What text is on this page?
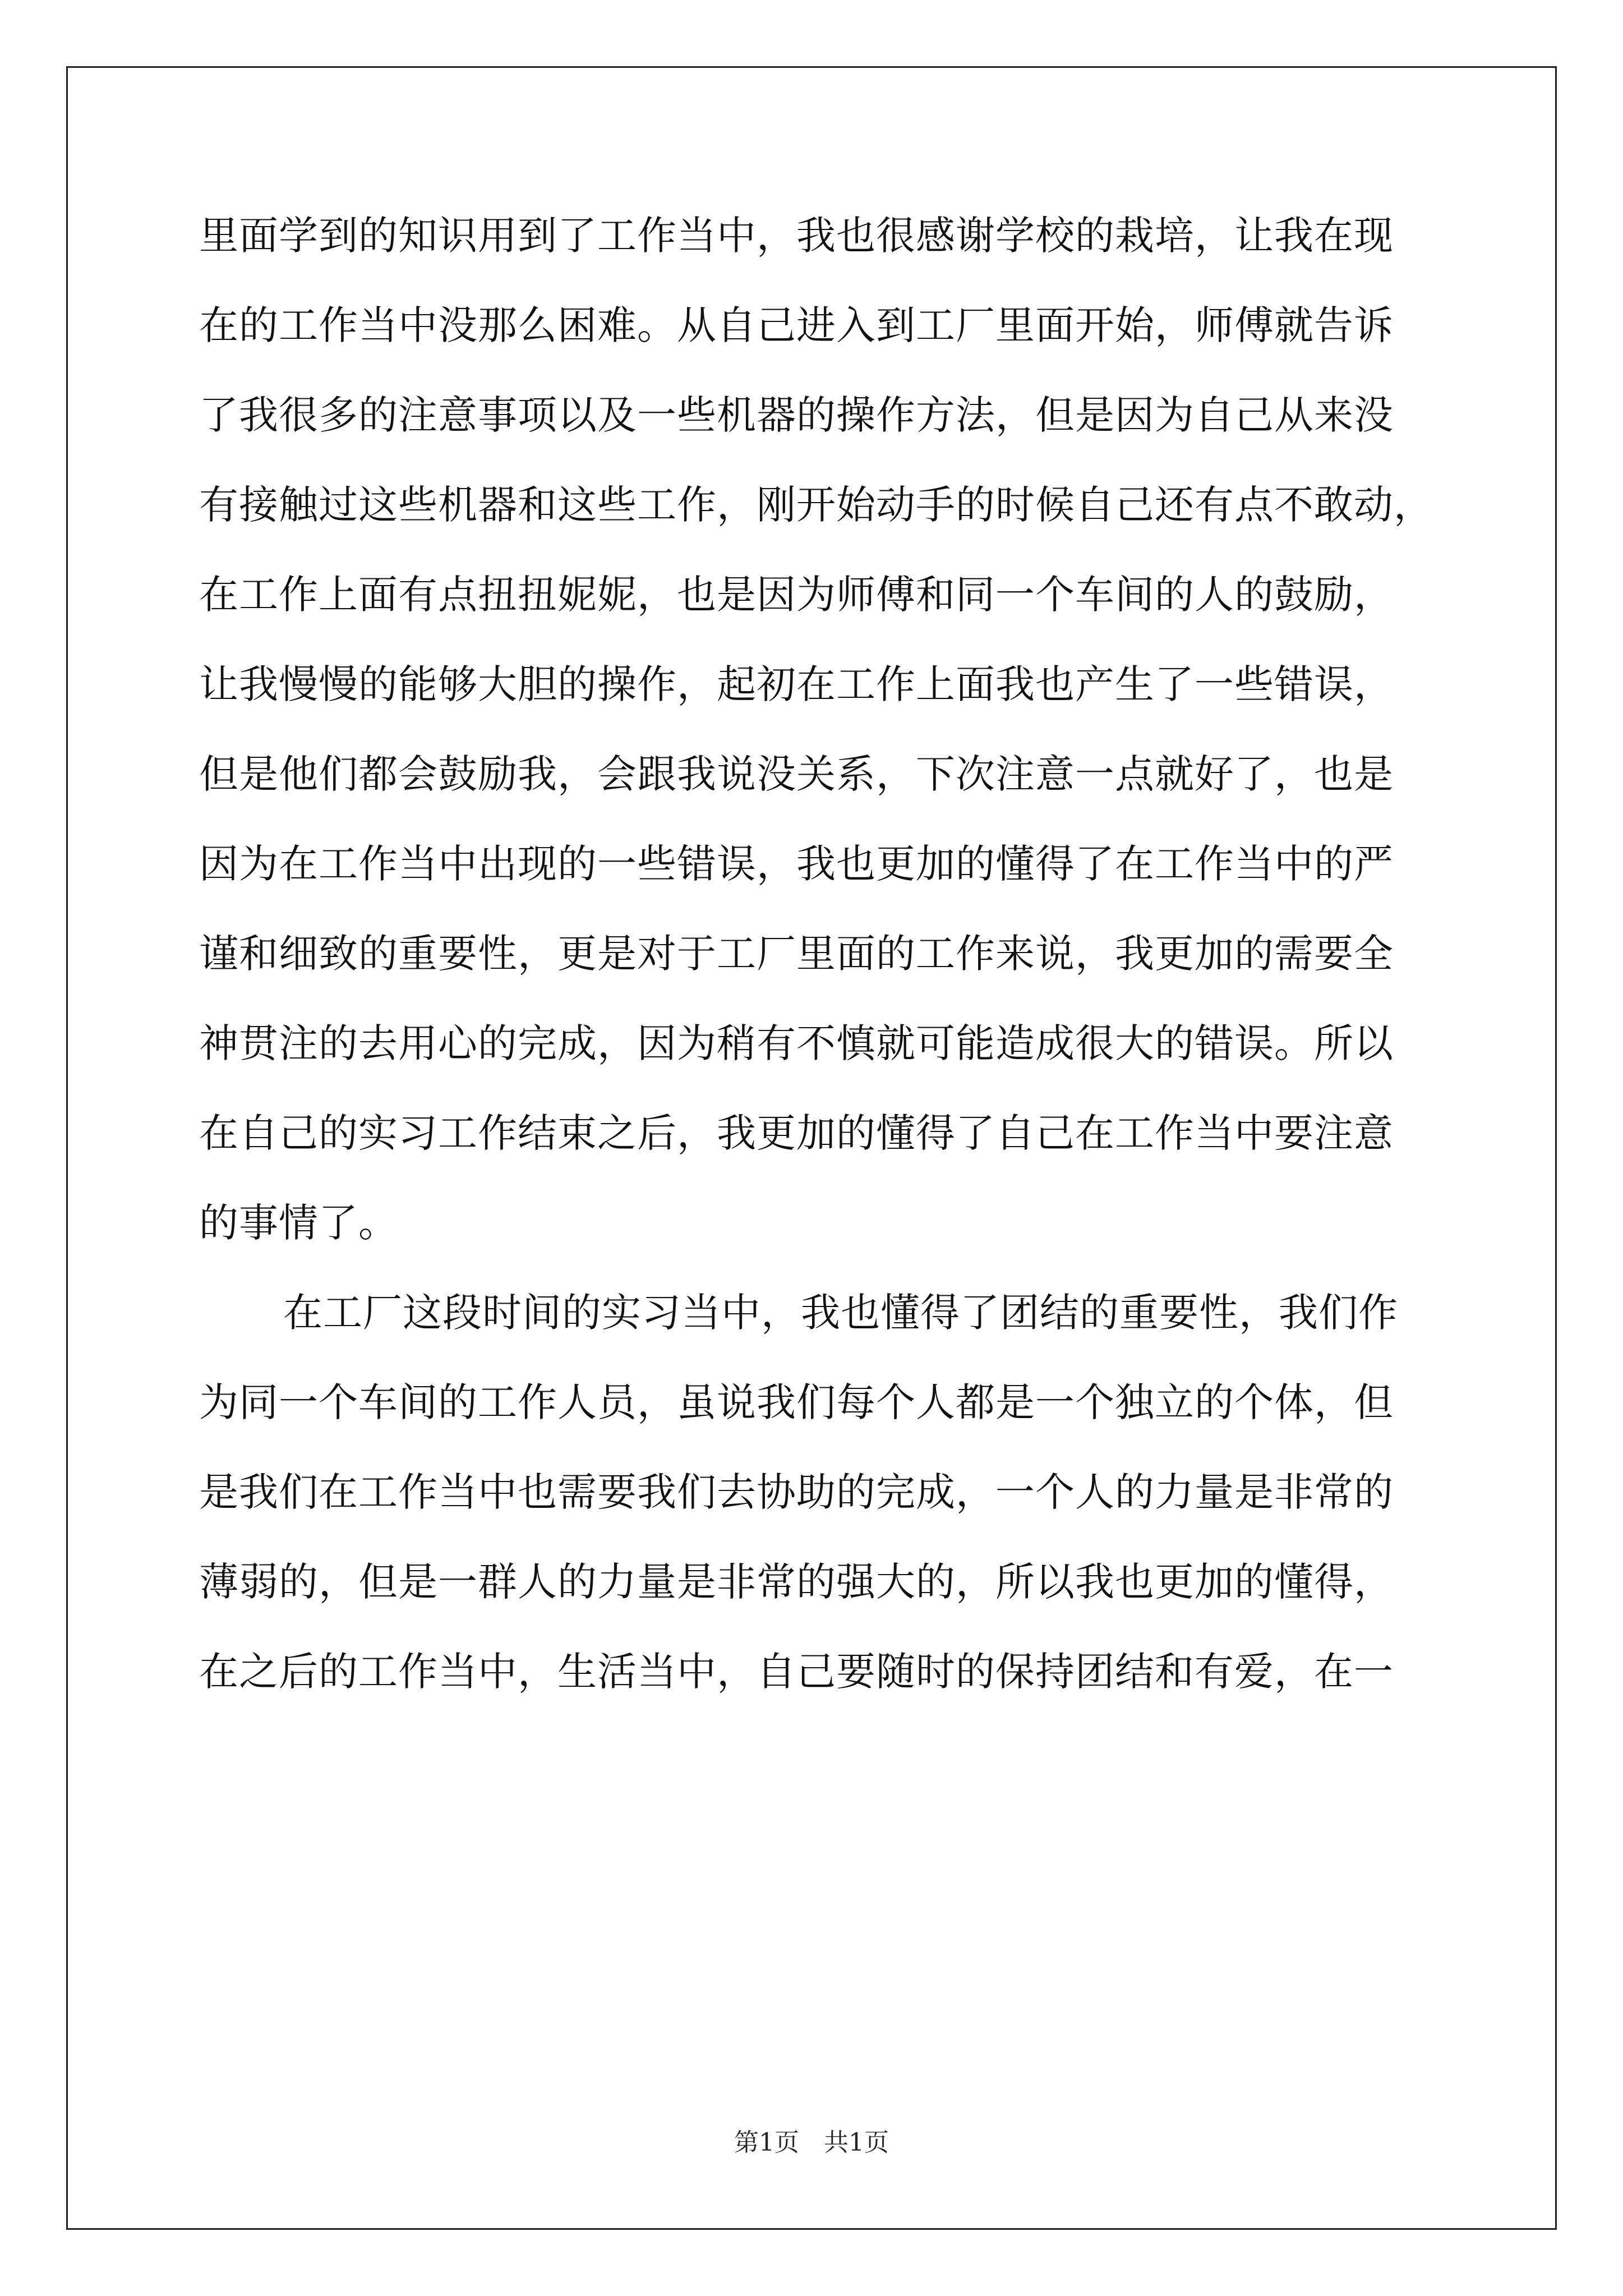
里面学到的知识用到了工作当中，我也很感谢学校的栽培，让我在现
在的工作当中没那么困难。从自己进入到工厂里面开始，师傅就告诉
了我很多的注意事项以及一些机器的操作方法，但是因为自己从来没
有接触过这些机器和这些工作，刚开始动手的时候自己还有点不敢动，
在工作上面有点扭扭妮妮，也是因为师傅和同一个车间的人的鼓励，
让我慢慢的能够大胆的操作，起初在工作上面我也产生了一些错误，
但是他们都会鼓励我，会跟我说没关系，下次注意一点就好了，也是
因为在工作当中出现的一些错误，我也更加的懂得了在工作当中的严
谨和细致的重要性，更是对于工厂里面的工作来说，我更加的需要全
神贯注的去用心的完成，因为稍有不慎就可能造成很大的错误。所以
在自己的实习工作结束之后，我更加的懂得了自己在工作当中要注意
的事情了。
在工厂这段时间的实习当中，我也懂得了团结的重要性，我们作
为同一个车间的工作人员，虽说我们每个人都是一个独立的个体，但
是我们在工作当中也需要我们去协助的完成，一个人的力量是非常的
薄弱的，但是一群人的力量是非常的强大的，所以我也更加的懂得，
在之后的工作当中，生活当中，自己要随时的保持团结和有爱，在一
第1页　共1页
